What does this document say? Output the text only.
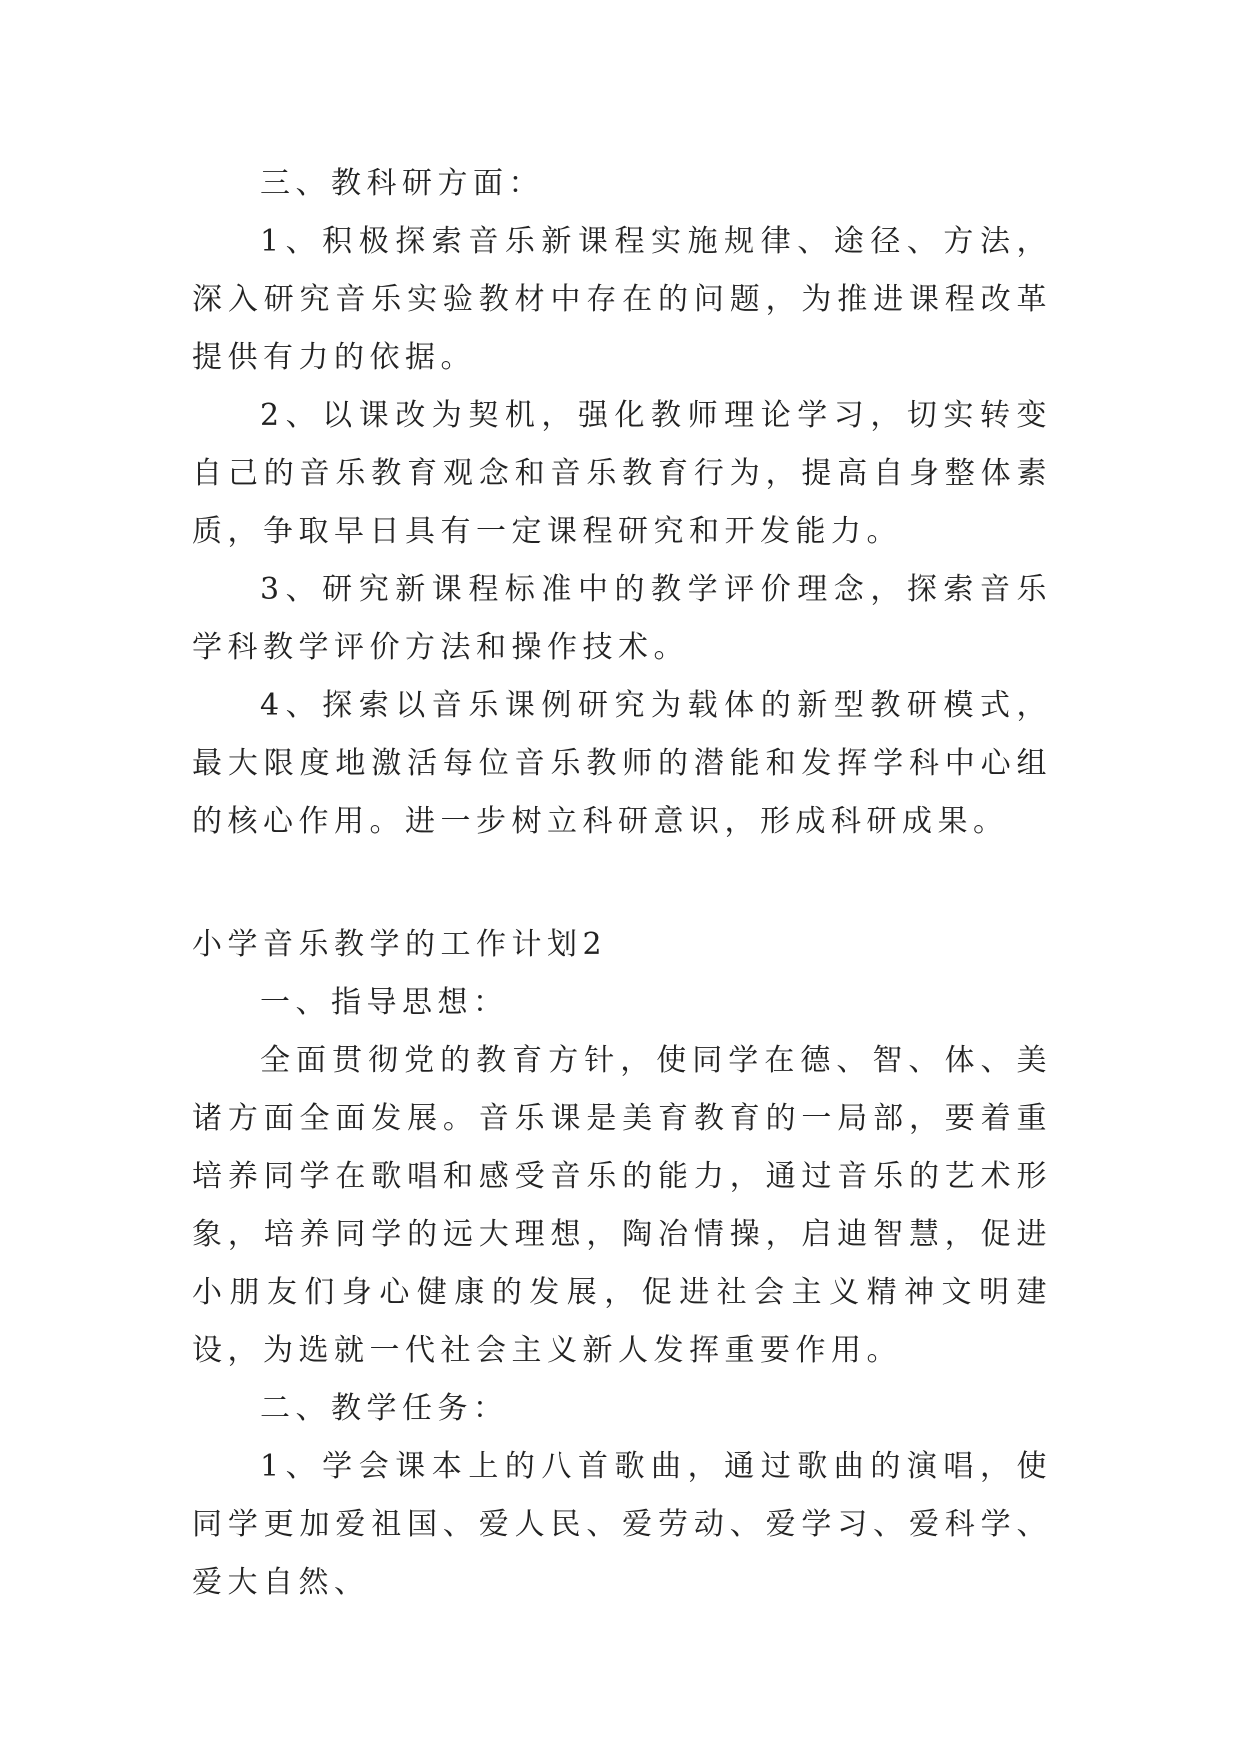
三、教科研方面：

1、积极探索音乐新课程实施规律、途径、方法，深入研究音乐实验教材中存在的问题，为推进课程改革提供有力的依据。

2、以课改为契机，强化教师理论学习，切实转变自己的音乐教育观念和音乐教育行为，提高自身整体素质，争取早日具有一定课程研究和开发能力。

3、研究新课程标准中的教学评价理念，探索音乐学科教学评价方法和操作技术。

4、探索以音乐课例研究为载体的新型教研模式，最大限度地激活每位音乐教师的潜能和发挥学科中心组的核心作用。进一步树立科研意识，形成科研成果。

小学音乐教学的工作计划2

一、指导思想：

全面贯彻党的教育方针，使同学在德、智、体、美诸方面全面发展。音乐课是美育教育的一局部，要着重培养同学在歌唱和感受音乐的能力，通过音乐的艺术形象，培养同学的远大理想，陶冶情操，启迪智慧，促进小朋友们身心健康的发展，促进社会主义精神文明建设，为选就一代社会主义新人发挥重要作用。

二、教学任务：

1、学会课本上的八首歌曲，通过歌曲的演唱，使同学更加爱祖国、爱人民、爱劳动、爱学习、爱科学、爱大自然、
